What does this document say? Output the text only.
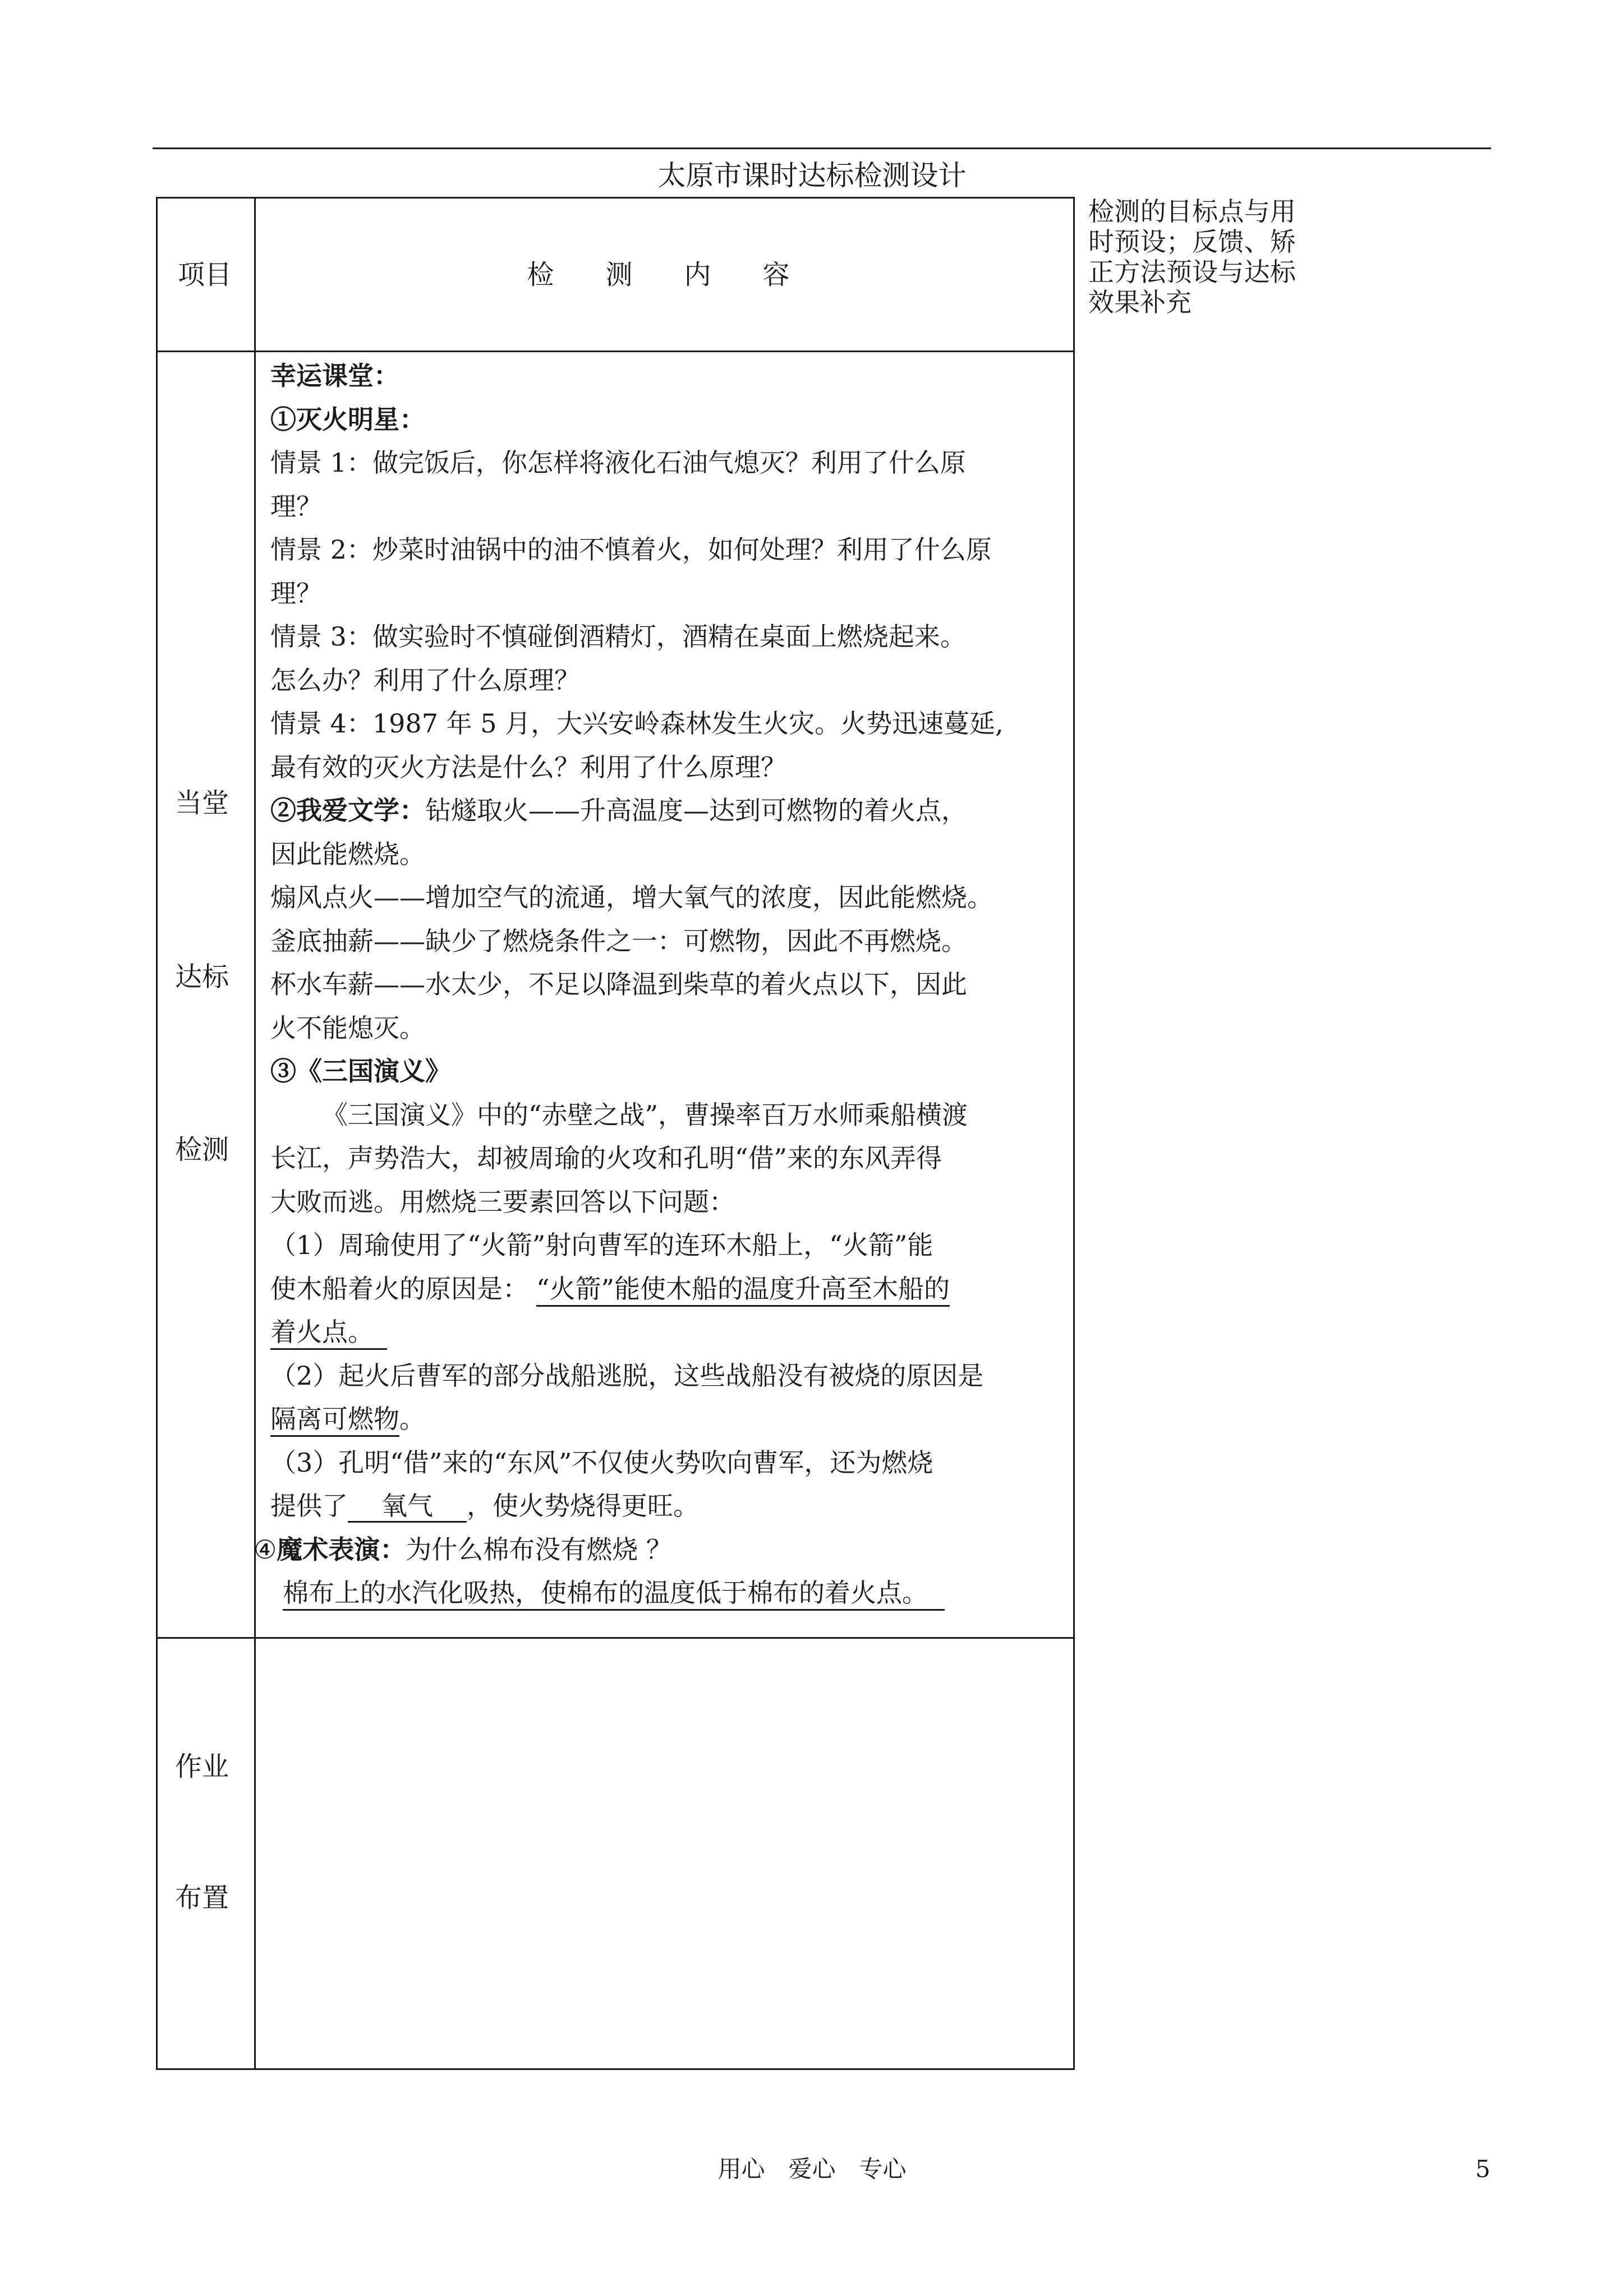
太原市课时达标检测设计
项目	检　测　内　容
检测的目标点与用时预设；反馈、矫正方法预设与达标效果补充
当堂
达标
检测
幸运课堂：
①灭火明星：
情景 1：做完饭后，你怎样将液化石油气熄灭？利用了什么原
理？
情景 2：炒菜时油锅中的油不慎着火，如何处理？利用了什么原
理？
情景 3：做实验时不慎碰倒酒精灯，酒精在桌面上燃烧起来。
怎么办？利用了什么原理？
情景 4：1987 年 5 月，大兴安岭森林发生火灾。火势迅速蔓延,
最有效的灭火方法是什么？利用了什么原理？
②我爱文学：钻燧取火——升高温度—达到可燃物的着火点，
因此能燃烧。
煽风点火——增加空气的流通，增大氧气的浓度，因此能燃烧。
釜底抽薪——缺少了燃烧条件之一：可燃物，因此不再燃烧。
杯水车薪——水太少，不足以降温到柴草的着火点以下，因此
火不能熄灭。
③《三国演义》
《三国演义》中的“赤壁之战”，曹操率百万水师乘船横渡
长江，声势浩大，却被周瑜的火攻和孔明“借”来的东风弄得
大败而逃。用燃烧三要素回答以下问题：
（1）周瑜使用了“火箭”射向曹军的连环木船上，“火箭”能
使木船着火的原因是： “火箭”能使木船的温度升高至木船的
着火点。
（2）起火后曹军的部分战船逃脱，这些战船没有被烧的原因是
隔离可燃物。
（3）孔明“借”来的“东风”不仅使火势吹向曹军，还为燃烧
提供了 氧气 ，使火势烧得更旺。
④魔术表演：为什么棉布没有燃烧 ？
棉布上的水汽化吸热，使棉布的温度低于棉布的着火点。
作业
布置
用心　爱心　专心	5
